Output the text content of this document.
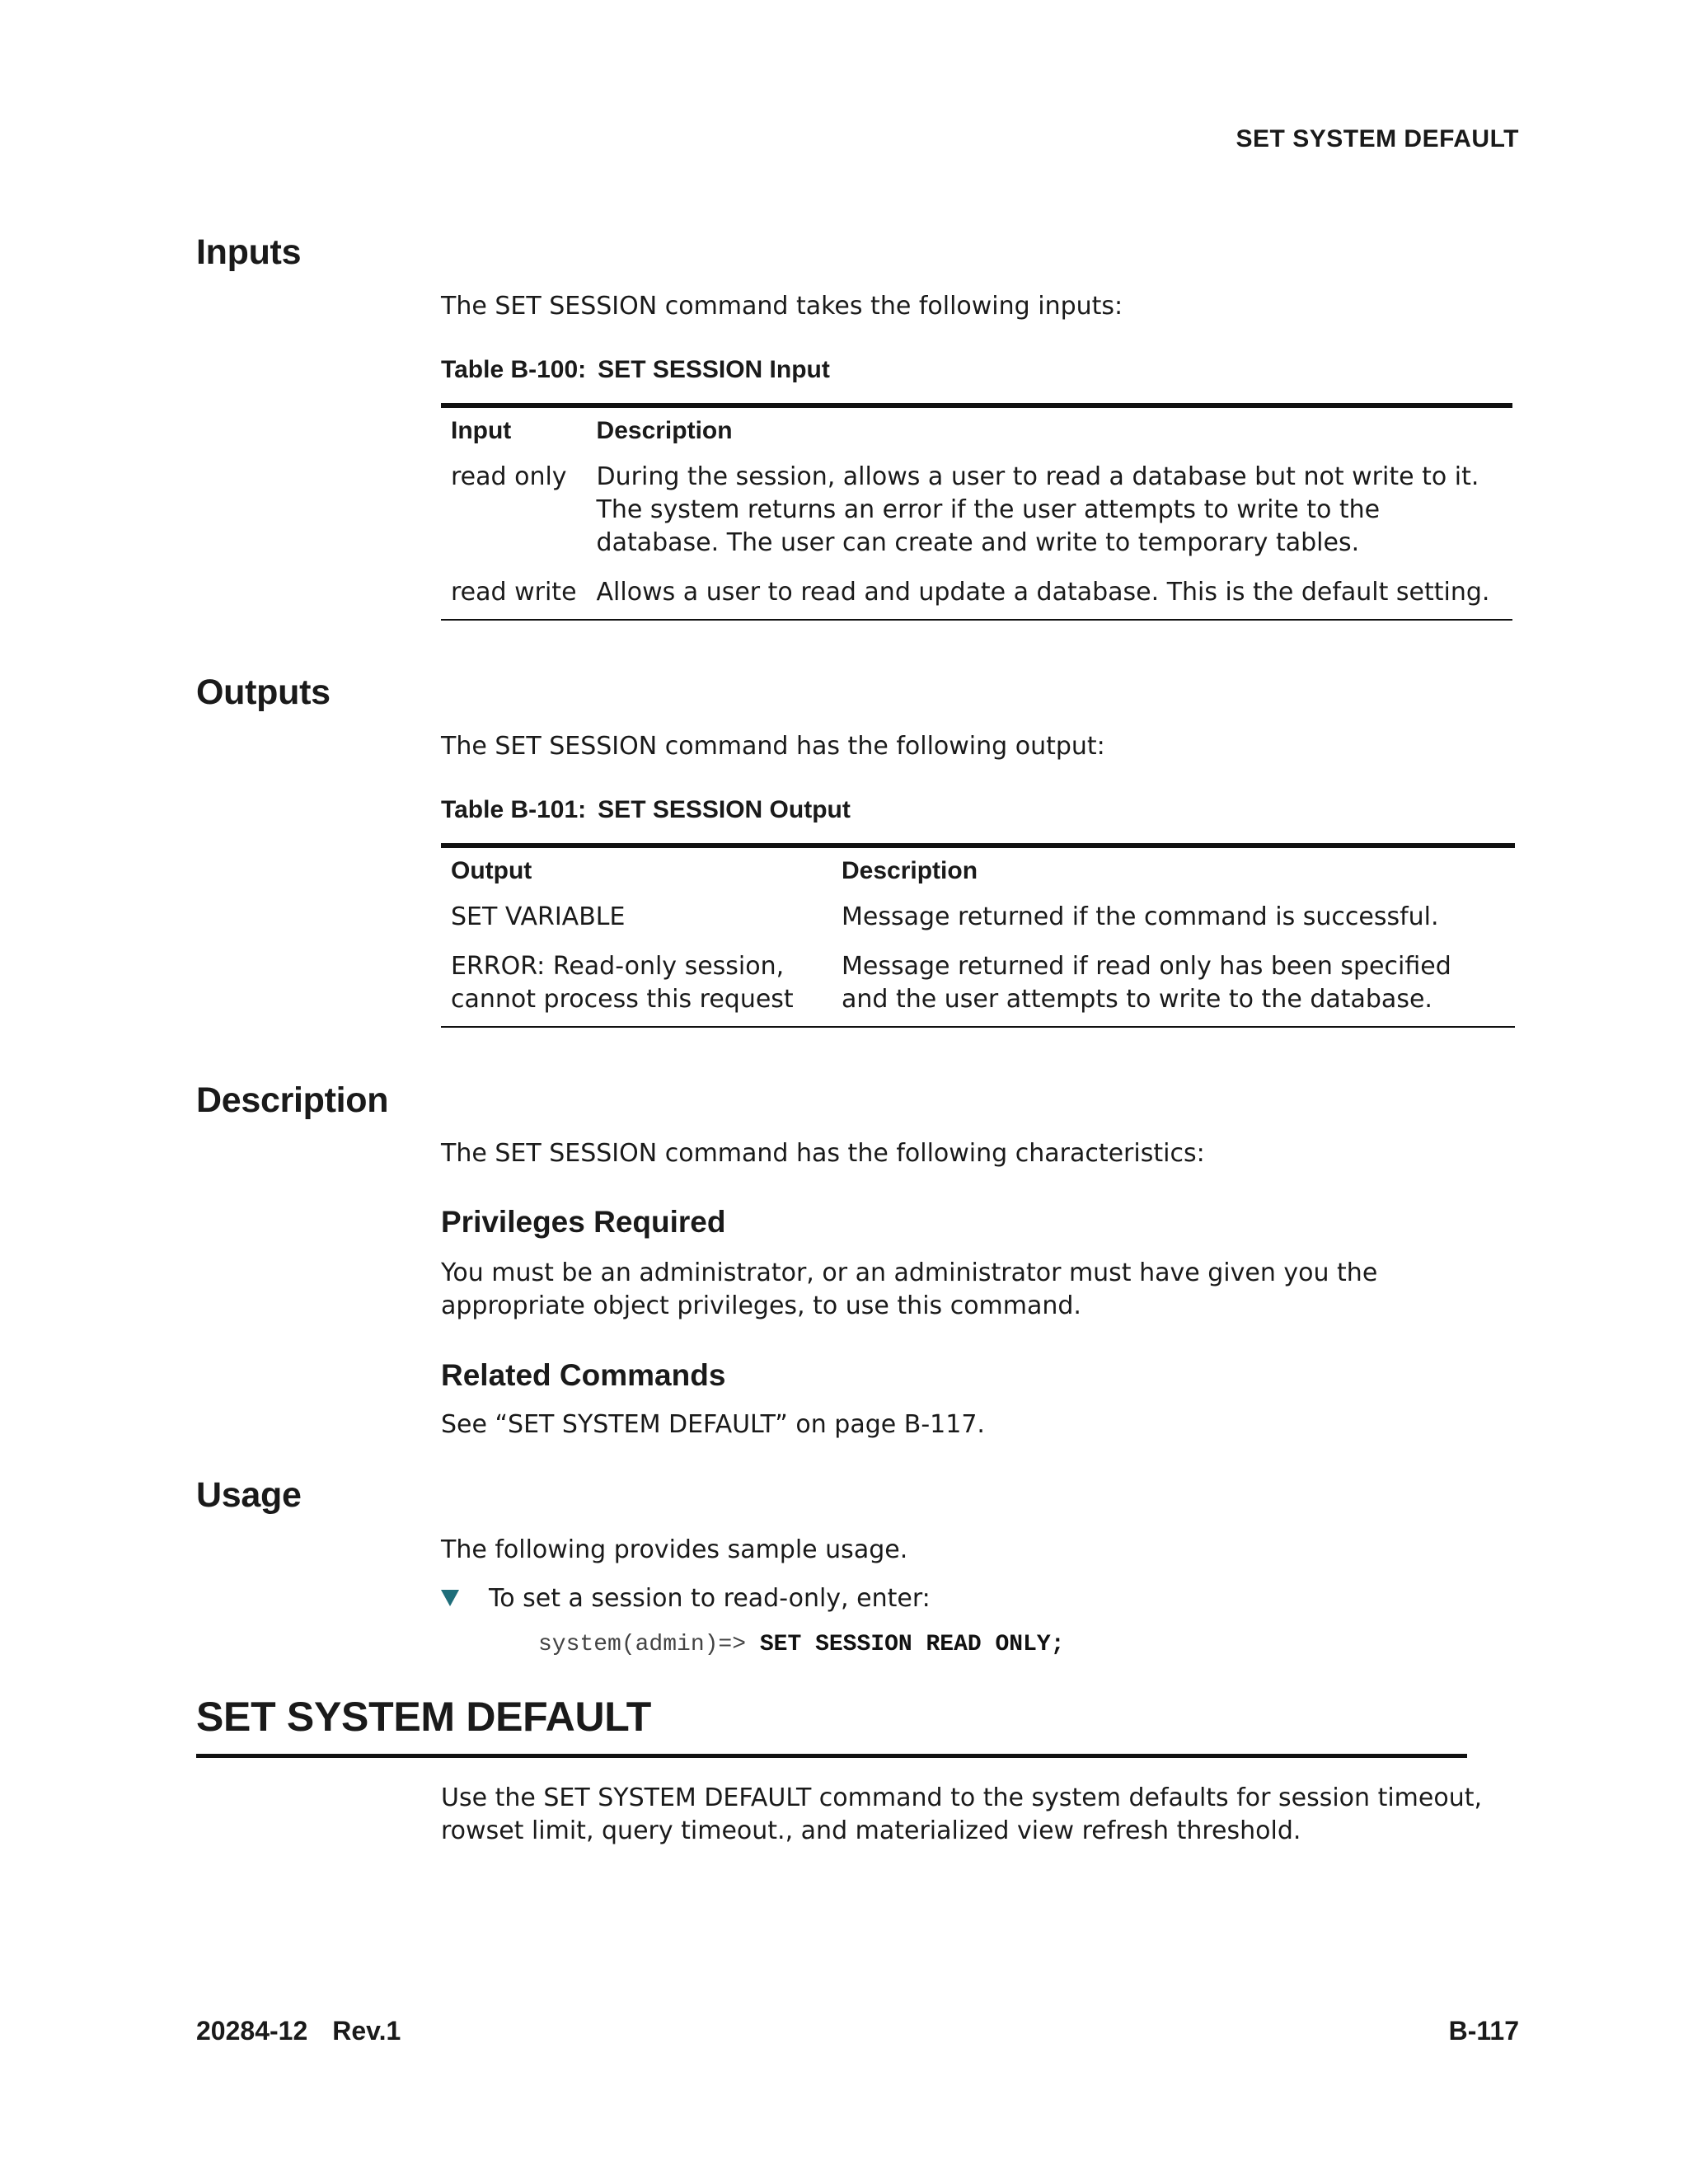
SET SYSTEM DEFAULT
Inputs
The SET SESSION command takes the following inputs:
Table B-100: SET SESSION Input
Input	Description
read only	During the session, allows a user to read a database but not write to it. The system returns an error if the user attempts to write to the database. The user can create and write to temporary tables.
read write	Allows a user to read and update a database. This is the default setting.
Outputs
The SET SESSION command has the following output:
Table B-101: SET SESSION Output
Output	Description
SET VARIABLE	Message returned if the command is successful.
ERROR: Read-only session, cannot process this request	Message returned if read only has been specified and the user attempts to write to the database.
Description
The SET SESSION command has the following characteristics:
Privileges Required
You must be an administrator, or an administrator must have given you the appropriate object privileges, to use this command.
Related Commands
See “SET SYSTEM DEFAULT” on page B-117.
Usage
The following provides sample usage.
To set a session to read-only, enter:
system(admin)=> SET SESSION READ ONLY;
SET SYSTEM DEFAULT
Use the SET SYSTEM DEFAULT command to the system defaults for session timeout, rowset limit, query timeout., and materialized view refresh threshold.
20284-12 Rev.1	B-117
